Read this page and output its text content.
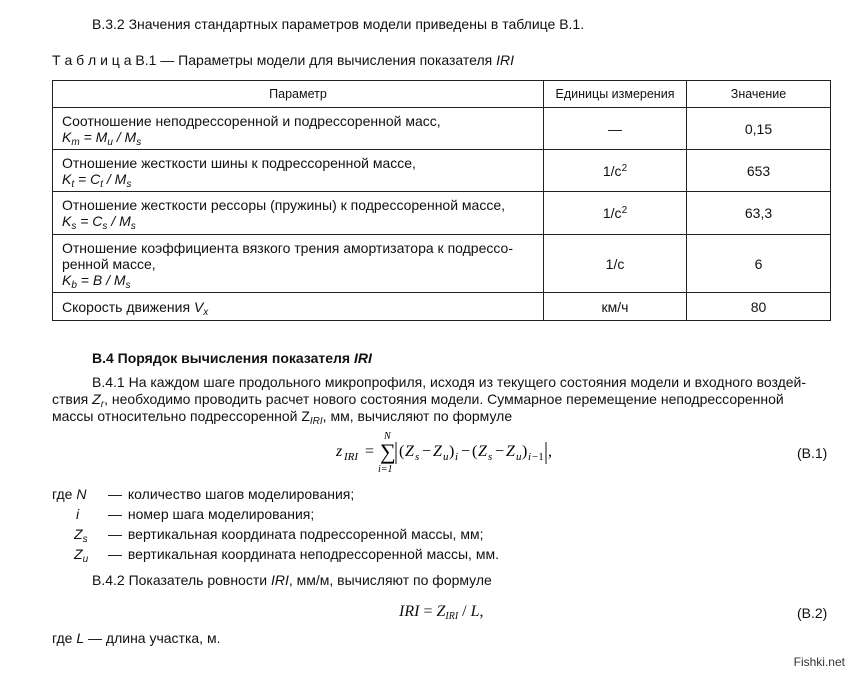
В.3.2 Значения стандартных параметров модели приведены в таблице В.1.
Т а б л и ц а В.1 — Параметры модели для вычисления показателя IRI
Параметр	Единицы измерения	Значение
Соотношение неподрессоренной и подрессоренной масс,
$K_m = M_u / M_s$	—	0,15
Отношение жесткости шины к подрессоренной массе,
$K_t = C_t / M_s$	$1/с^2$	653
Отношение жесткости рессоры (пружины) к подрессоренной массе,
$K_s = C_s / M_s$	$1/с^2$	63,3
Отношение коэффициента вязкого трения амортизатора к подрессо-
ренной массе,
$K_b = B / M_s$	1/с	6
Скорость движения $V_x$	км/ч	80
В.4 Порядок вычисления показателя IRI
В.4.1 На каждом шаге продольного микропрофиля, исходя из текущего состояния модели и входного воздей-
ствия $Z_r$, необходимо проводить расчет нового состояния модели. Суммарное перемещение неподрессоренной
массы относительно подрессоренной $Z_{IRI}$, мм, вычисляют по формуле
z IRI = ∑
N
i=1
( Z s − Z u ) i − ( Z s − Z u ) i −1 ,	(В.1)
где N — количество шагов моделирования;
i — номер шага моделирования;
$Z_s$ — вертикальная координата подрессоренной массы, мм;
$Z_u$ — вертикальная координата неподрессоренной массы, мм.
В.4.2 Показатель ровности IRI, мм/м, вычисляют по формуле
IRI = $Z_{IRI}$ / L,	(В.2)
где L — длина участка, м.
Fishki.net
